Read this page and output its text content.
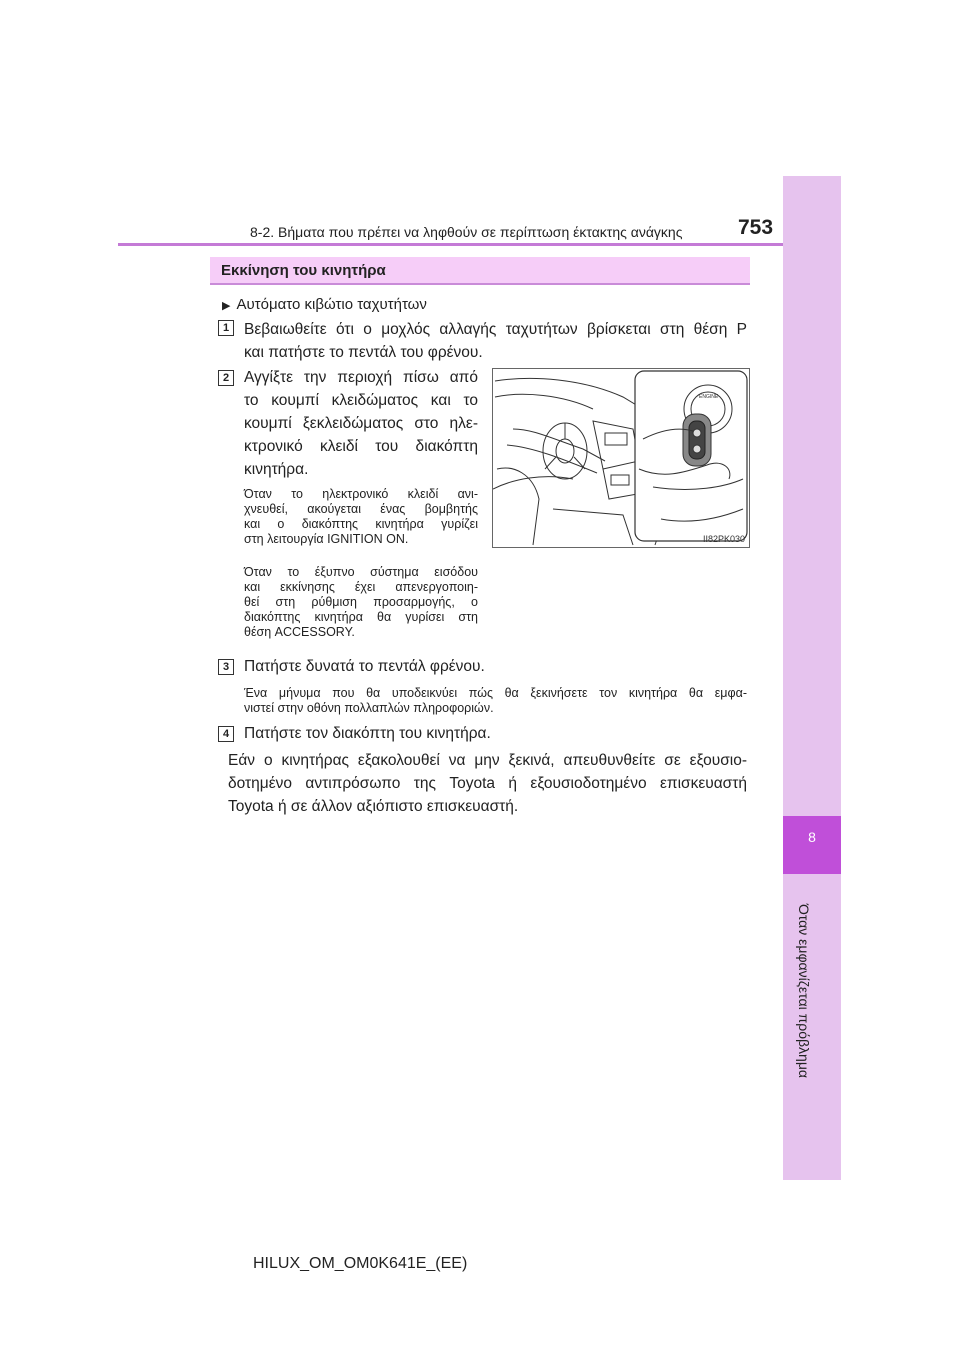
8-2. Βήματα που πρέπει να ληφθούν σε περίπτωση έκτακτης ανάγκης	753
8
Όταν εμφανίζεται πρόβλημα
Εκκίνηση του κινητήρα
▶ Αυτόματο κιβώτιο ταχυτήτων
1 Βεβαιωθείτε ότι ο μοχλός αλλαγής ταχυτήτων βρίσκεται στη θέση P
και πατήστε το πεντάλ του φρένου.
2 Αγγίξτε την περιοχή πίσω από
το κουμπί κλειδώματος και το
κουμπί ξεκλειδώματος στο ηλε-
κτρονικό κλειδί του διακόπτη
κινητήρα.
Όταν το ηλεκτρονικό κλειδί ανι-
χνευθεί, ακούγεται ένας βομβητής
και ο διακόπτης κινητήρα γυρίζει
στη λειτουργία IGNITION ON.
Όταν το έξυπνο σύστημα εισόδου
και εκκίνησης έχει απενεργοποιη-
θεί στη ρύθμιση προσαρμογής, ο
διακόπτης κινητήρα θα γυρίσει στη
θέση ACCESSORY.
ENGINE
II82PK030
3 Πατήστε δυνατά το πεντάλ φρένου.
Ένα μήνυμα που θα υποδεικνύει πώς θα ξεκινήσετε τον κινητήρα θα εμφα-
νιστεί στην οθόνη πολλαπλών πληροφοριών.
4 Πατήστε τον διακόπτη του κινητήρα.
Εάν ο κινητήρας εξακολουθεί να μην ξεκινά, απευθυνθείτε σε εξουσιο-
δοτημένο αντιπρόσωπο της Toyota ή εξουσιοδοτημένο επισκευαστή
Toyota ή σε άλλον αξιόπιστο επισκευαστή.
HILUX_OM_OM0K641E_(EE)
